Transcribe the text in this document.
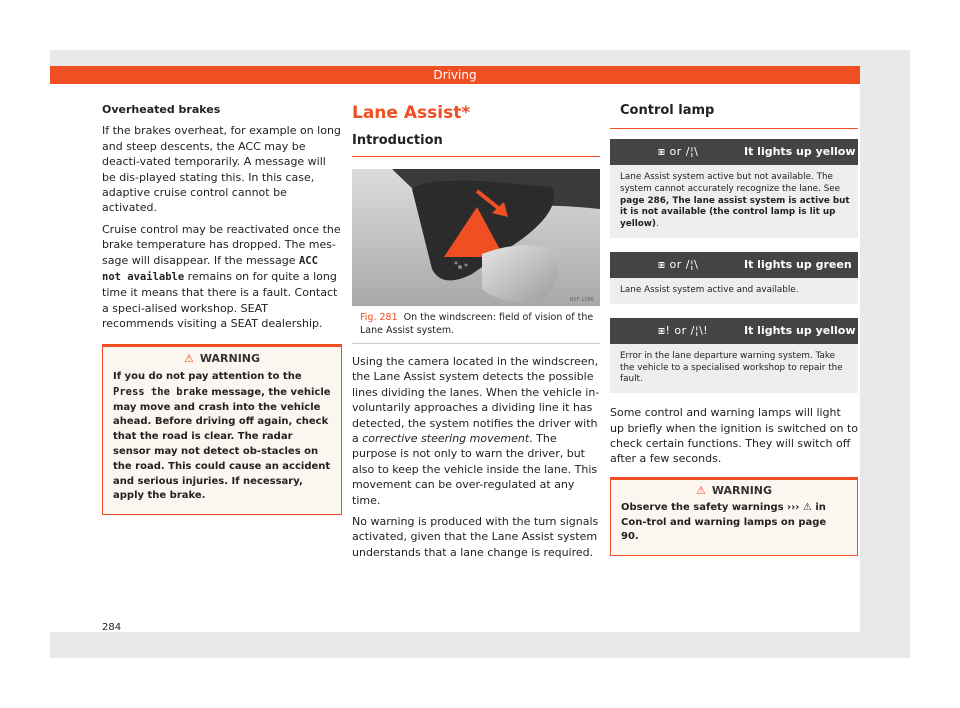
Driving

Overheated brakes

If the brakes overheat, for example on long and steep descents, the ACC may be deacti-vated temporarily. A message will be dis-played stating this. In this case, adaptive cruise control cannot be activated.

Cruise control may be reactivated once the brake temperature has dropped. The mes-sage will disappear. If the message ACC not available remains on for quite a long time it means that there is a fault. Contact a speci-alised workshop. SEAT recommends visiting a SEAT dealership.

⚠ WARNING
If you do not pay attention to the Press the brake message, the vehicle may move and crash into the vehicle ahead. Before driving off again, check that the road is clear. The radar sensor may not detect ob-stacles on the road. This could cause an accident and serious injuries. If necessary, apply the brake.
Lane Assist*
Introduction
B5F-1086
Fig. 281 On the windscreen: field of vision of the Lane Assist system.

Using the camera located in the windscreen, the Lane Assist system detects the possible lines dividing the lanes. When the vehicle in-voluntarily approaches a dividing line it has detected, the system notifies the driver with a corrective steering movement. The purpose is not only to warn the driver, but also to keep the vehicle inside the lane. This movement can be over-regulated at any time.

No warning is produced with the turn signals activated, given that the Lane Assist system understands that a lane change is required.

Control lamp
⧆ or /¦\	It lights up yellow
Lane Assist system active but not available. The system cannot accurately recognize the lane. See page 286, The lane assist system is active but it is not available (the control lamp is lit up yellow).
⧆ or /¦\	It lights up green
Lane Assist system active and available.
⧆! or /¦\!	It lights up yellow
Error in the lane departure warning system. Take the vehicle to a specialised workshop to repair the fault.

Some control and warning lamps will light up briefly when the ignition is switched on to check certain functions. They will switch off after a few seconds.

⚠ WARNING
Observe the safety warnings ››› ⚠ in Con-trol and warning lamps on page 90.
284
